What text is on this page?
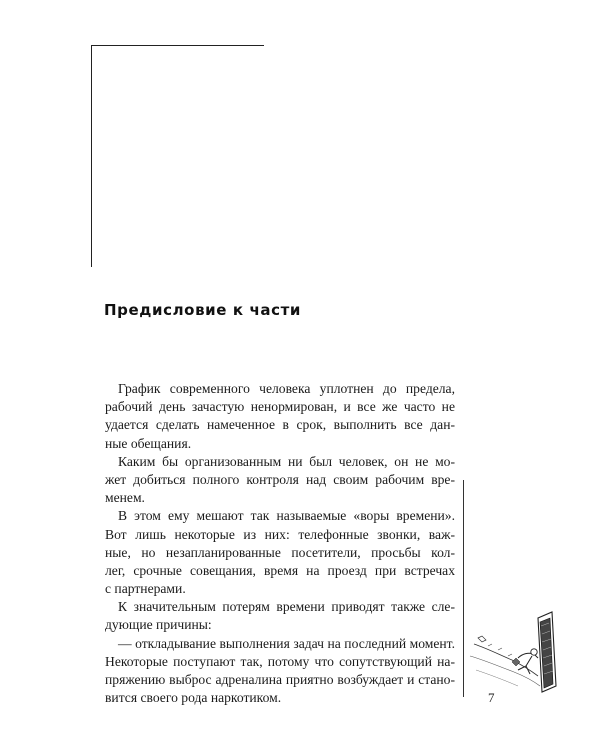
Предисловие к части

График современного человека уплотнен до предела,
рабочий день зачастую ненормирован, и все же часто не
удается сделать намеченное в срок, выполнить все дан-
ные обещания.

Каким бы организованным ни был человек, он не мо-
жет добиться полного контроля над своим рабочим вре-
менем.

В этом ему мешают так называемые «воры времени».
Вот лишь некоторые из них: телефонные звонки, важ-
ные, но незапланированные посетители, просьбы кол-
лег, срочные совещания, время на проезд при встречах
с партнерами.

К значительным потерям времени приводят также сле-
дующие причины:

— откладывание выполнения задач на последний момент.
Некоторые поступают так, потому что сопутствующий на-
пряжению выброс адреналина приятно возбуждает и стано-
вится своего рода наркотиком.	7
